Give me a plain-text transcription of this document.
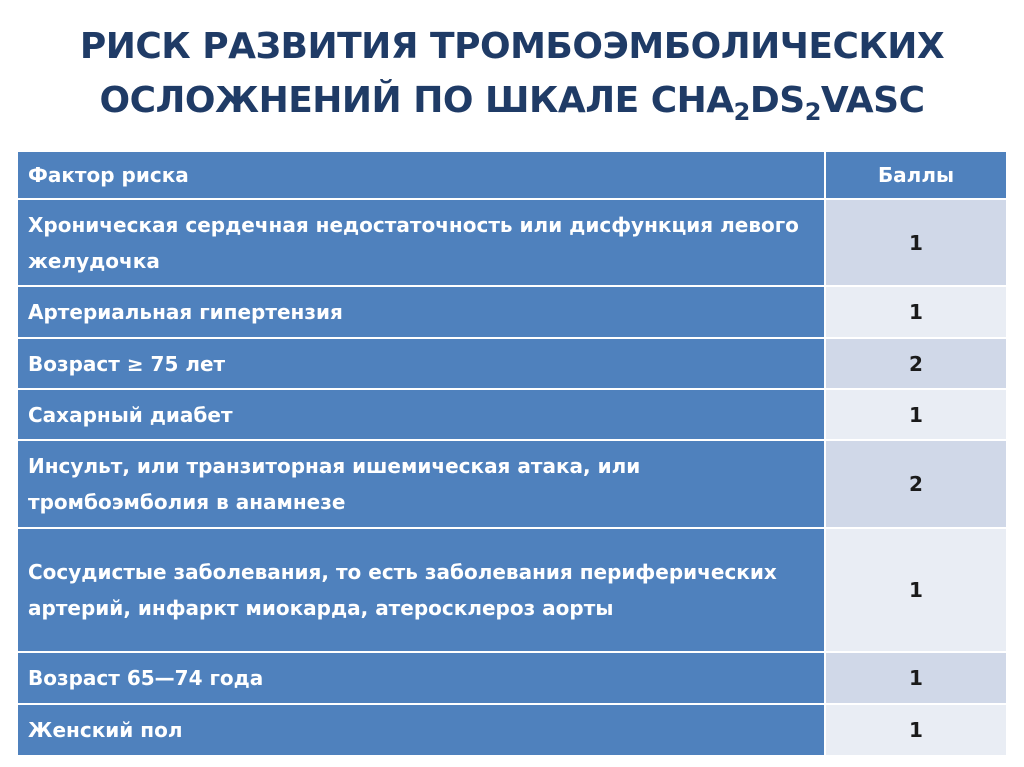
РИСК РАЗВИТИЯ ТРОМБОЭМБОЛИЧЕСКИХ
ОСЛОЖНЕНИЙ ПО ШКАЛЕ $CHA_2DS_2VASC$
Фактор риска	Баллы
Хроническая сердечная недостаточность или дисфункция левого желудочка	1
Артериальная гипертензия	1
Возраст ≥ 75 лет	2
Сахарный диабет	1
Инсульт, или транзиторная ишемическая атака, или тромбоэмболия в анамнезе	2
Сосудистые заболевания, то есть заболевания периферических артерий, инфаркт миокарда, атеросклероз аорты	1
Возраст 65—74 года	1
Женский пол	1
